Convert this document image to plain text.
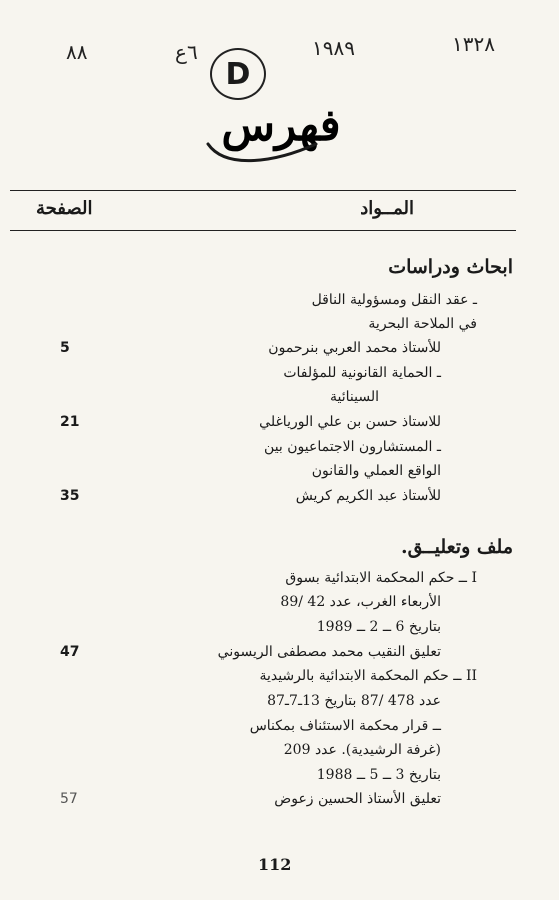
٨٨	٦ع	١٩٨٩	١٣٢٨
D
فهرس
المــواد
الصفحة
ابحاث ودراسات
ـ عقد النقل ومسؤولية الناقل
في الملاحة البحرية
للأستاذ محمد العربي بنرحمون
5
ـ الحماية القانونية للمؤلفات
السينائية
للاستاذ حسن بن علي الورياغلي
21
ـ المستشارون الاجتماعيون بين
الواقع العملي والقانون
للأستاذ عبد الكريم كريش
35
ملف وتعليــق.
I ــ حكم المحكمة الابتدائية بسوق
الأربعاء الغرب، عدد 42 /89
بتاريخ 6 ــ 2 ــ 1989
تعليق النقيب محمد مصطفى الريسوني
47
II ــ حكم المحكمة الابتدائية بالرشيدية
عدد 478 /87 بتاريخ 13ـ7ـ87
ــ قرار محكمة الاستئناف بمكناس
(غرفة الرشيدية). عدد 209
بتاريخ 3 ــ 5 ــ 1988
تعليق الأستاذ الحسين زعوض
57
112
